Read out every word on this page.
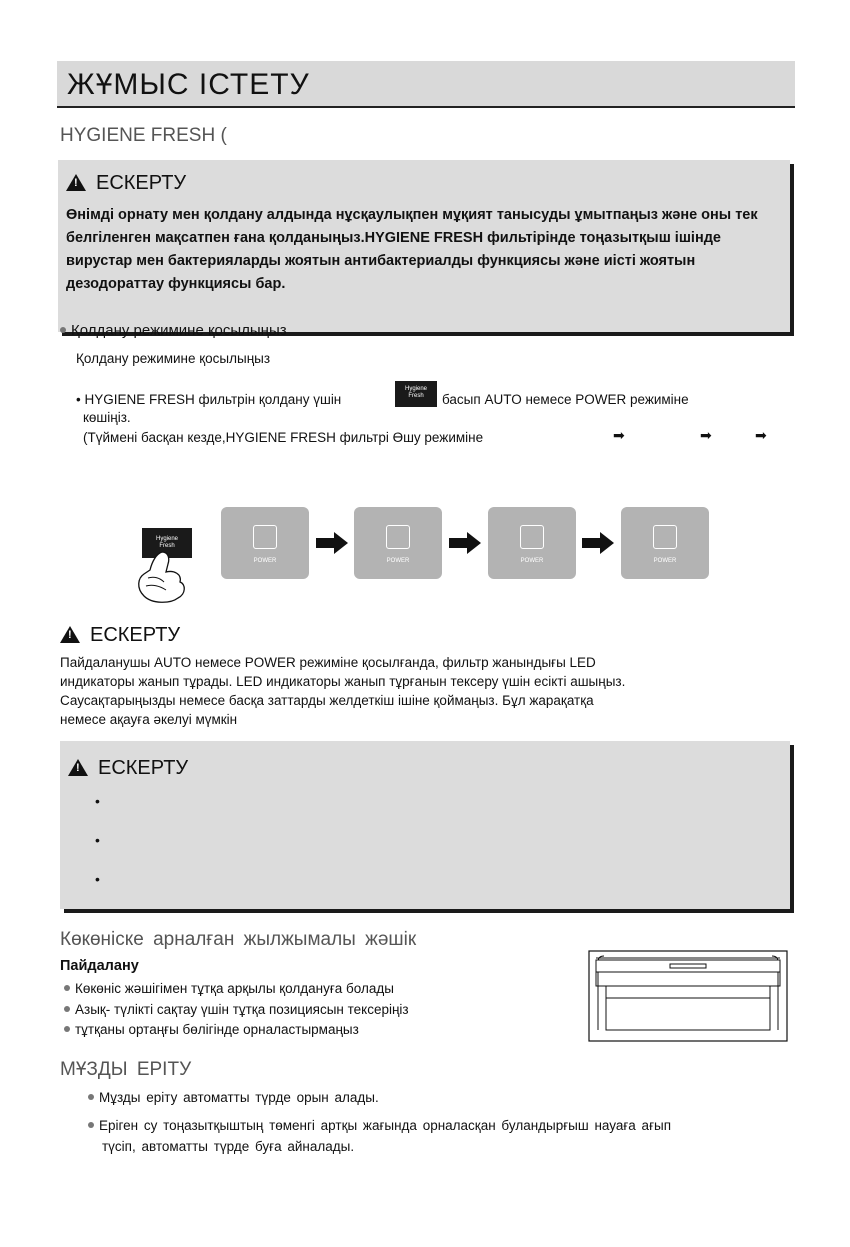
ЖҰМЫС ІСТЕТУ
HYGIENE FRESH (
!ЕСКЕРТУ
Өнімді орнату мен қолдану алдында нұсқаулықпен мұқият танысуды ұмытпаңыз және оны тек белгіленген мақсатпен ғана қолданыңыз.HYGIENE FRESH фильтірінде тоңазытқыш ішінде вирустар мен бактерияларды жоятын антибактериалды функциясы және иісті жоятын дезодораттау функциясы бар.
Қолдану режимине қосылыңыз
Қолдану режимине қосылыңыз
• HYGIENE FRESH фильтрін қолдану үшін
Hygiene
Fresh	басып AUTO немесе POWER режиміне
көшіңіз.
(Түймені басқан кезде,HYGIENE FRESH фильтрі Өшу режиміне	➡	➡	➡
Hygiene
Fresh
POWER	POWER	POWER	POWER
!ЕСКЕРТУ
Пайдаланушы AUTO немесе POWER режиміне қосылғанда, фильтр жанындығы LED
индикаторы жанып тұрады. LED индикаторы жанып тұрғанын тексеру үшін есікті ашыңыз.
Саусақтарыңызды немесе басқа заттарды желдеткіш ішіне қоймаңыз. Бұл жарақатқа
немесе ақауға әкелуі мүмкін
!ЕСКЕРТУ
•
•
•
Көкөніске арналған жылжымалы жәшік
Пайдалану
Көкөніс жәшігімен тұтқа арқылы қолдануға болады
Азық- түлікті сақтау үшін тұтқа позициясын тексеріңіз
тұтқаны ортаңғы бөлігінде орналастырмаңыз
МҰЗДЫ ЕРІТУ
Мұзды еріту автоматты түрде орын алады.
Еріген су тоңазытқыштың төменгі артқы жағында орналасқан буландырғыш науаға ағып
түсіп, автоматты түрде буға айналады.
